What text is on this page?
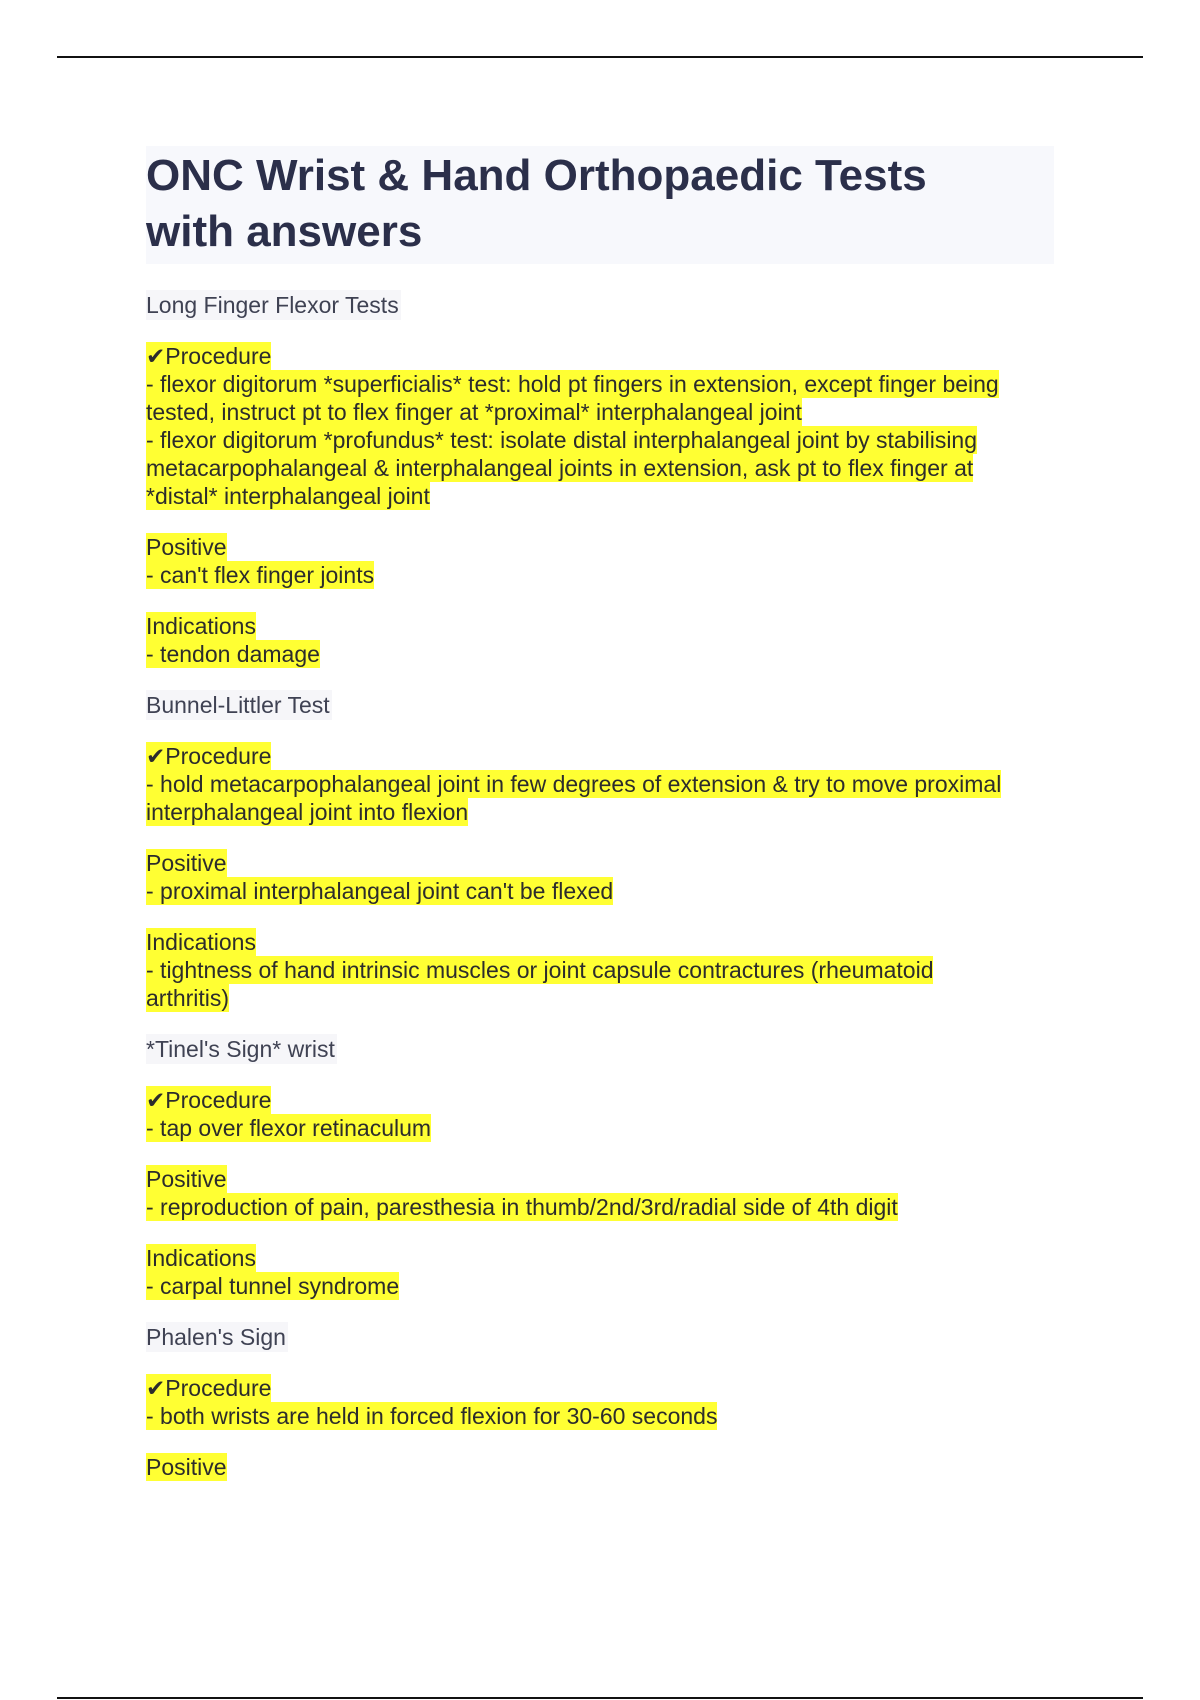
ONC Wrist & Hand Orthopaedic Tests
with answers
Long Finger Flexor Tests
✔Procedure
- flexor digitorum *superficialis* test: hold pt fingers in extension, except finger being
tested, instruct pt to flex finger at *proximal* interphalangeal joint
- flexor digitorum *profundus* test: isolate distal interphalangeal joint by stabilising
metacarpophalangeal & interphalangeal joints in extension, ask pt to flex finger at
*distal* interphalangeal joint
Positive
- can't flex finger joints
Indications
- tendon damage
Bunnel-Littler Test
✔Procedure
- hold metacarpophalangeal joint in few degrees of extension & try to move proximal
interphalangeal joint into flexion
Positive
- proximal interphalangeal joint can't be flexed
Indications
- tightness of hand intrinsic muscles or joint capsule contractures (rheumatoid
arthritis)
*Tinel's Sign* wrist
✔Procedure
- tap over flexor retinaculum
Positive
- reproduction of pain, paresthesia in thumb/2nd/3rd/radial side of 4th digit
Indications
- carpal tunnel syndrome
Phalen's Sign
✔Procedure
- both wrists are held in forced flexion for 30-60 seconds
Positive
